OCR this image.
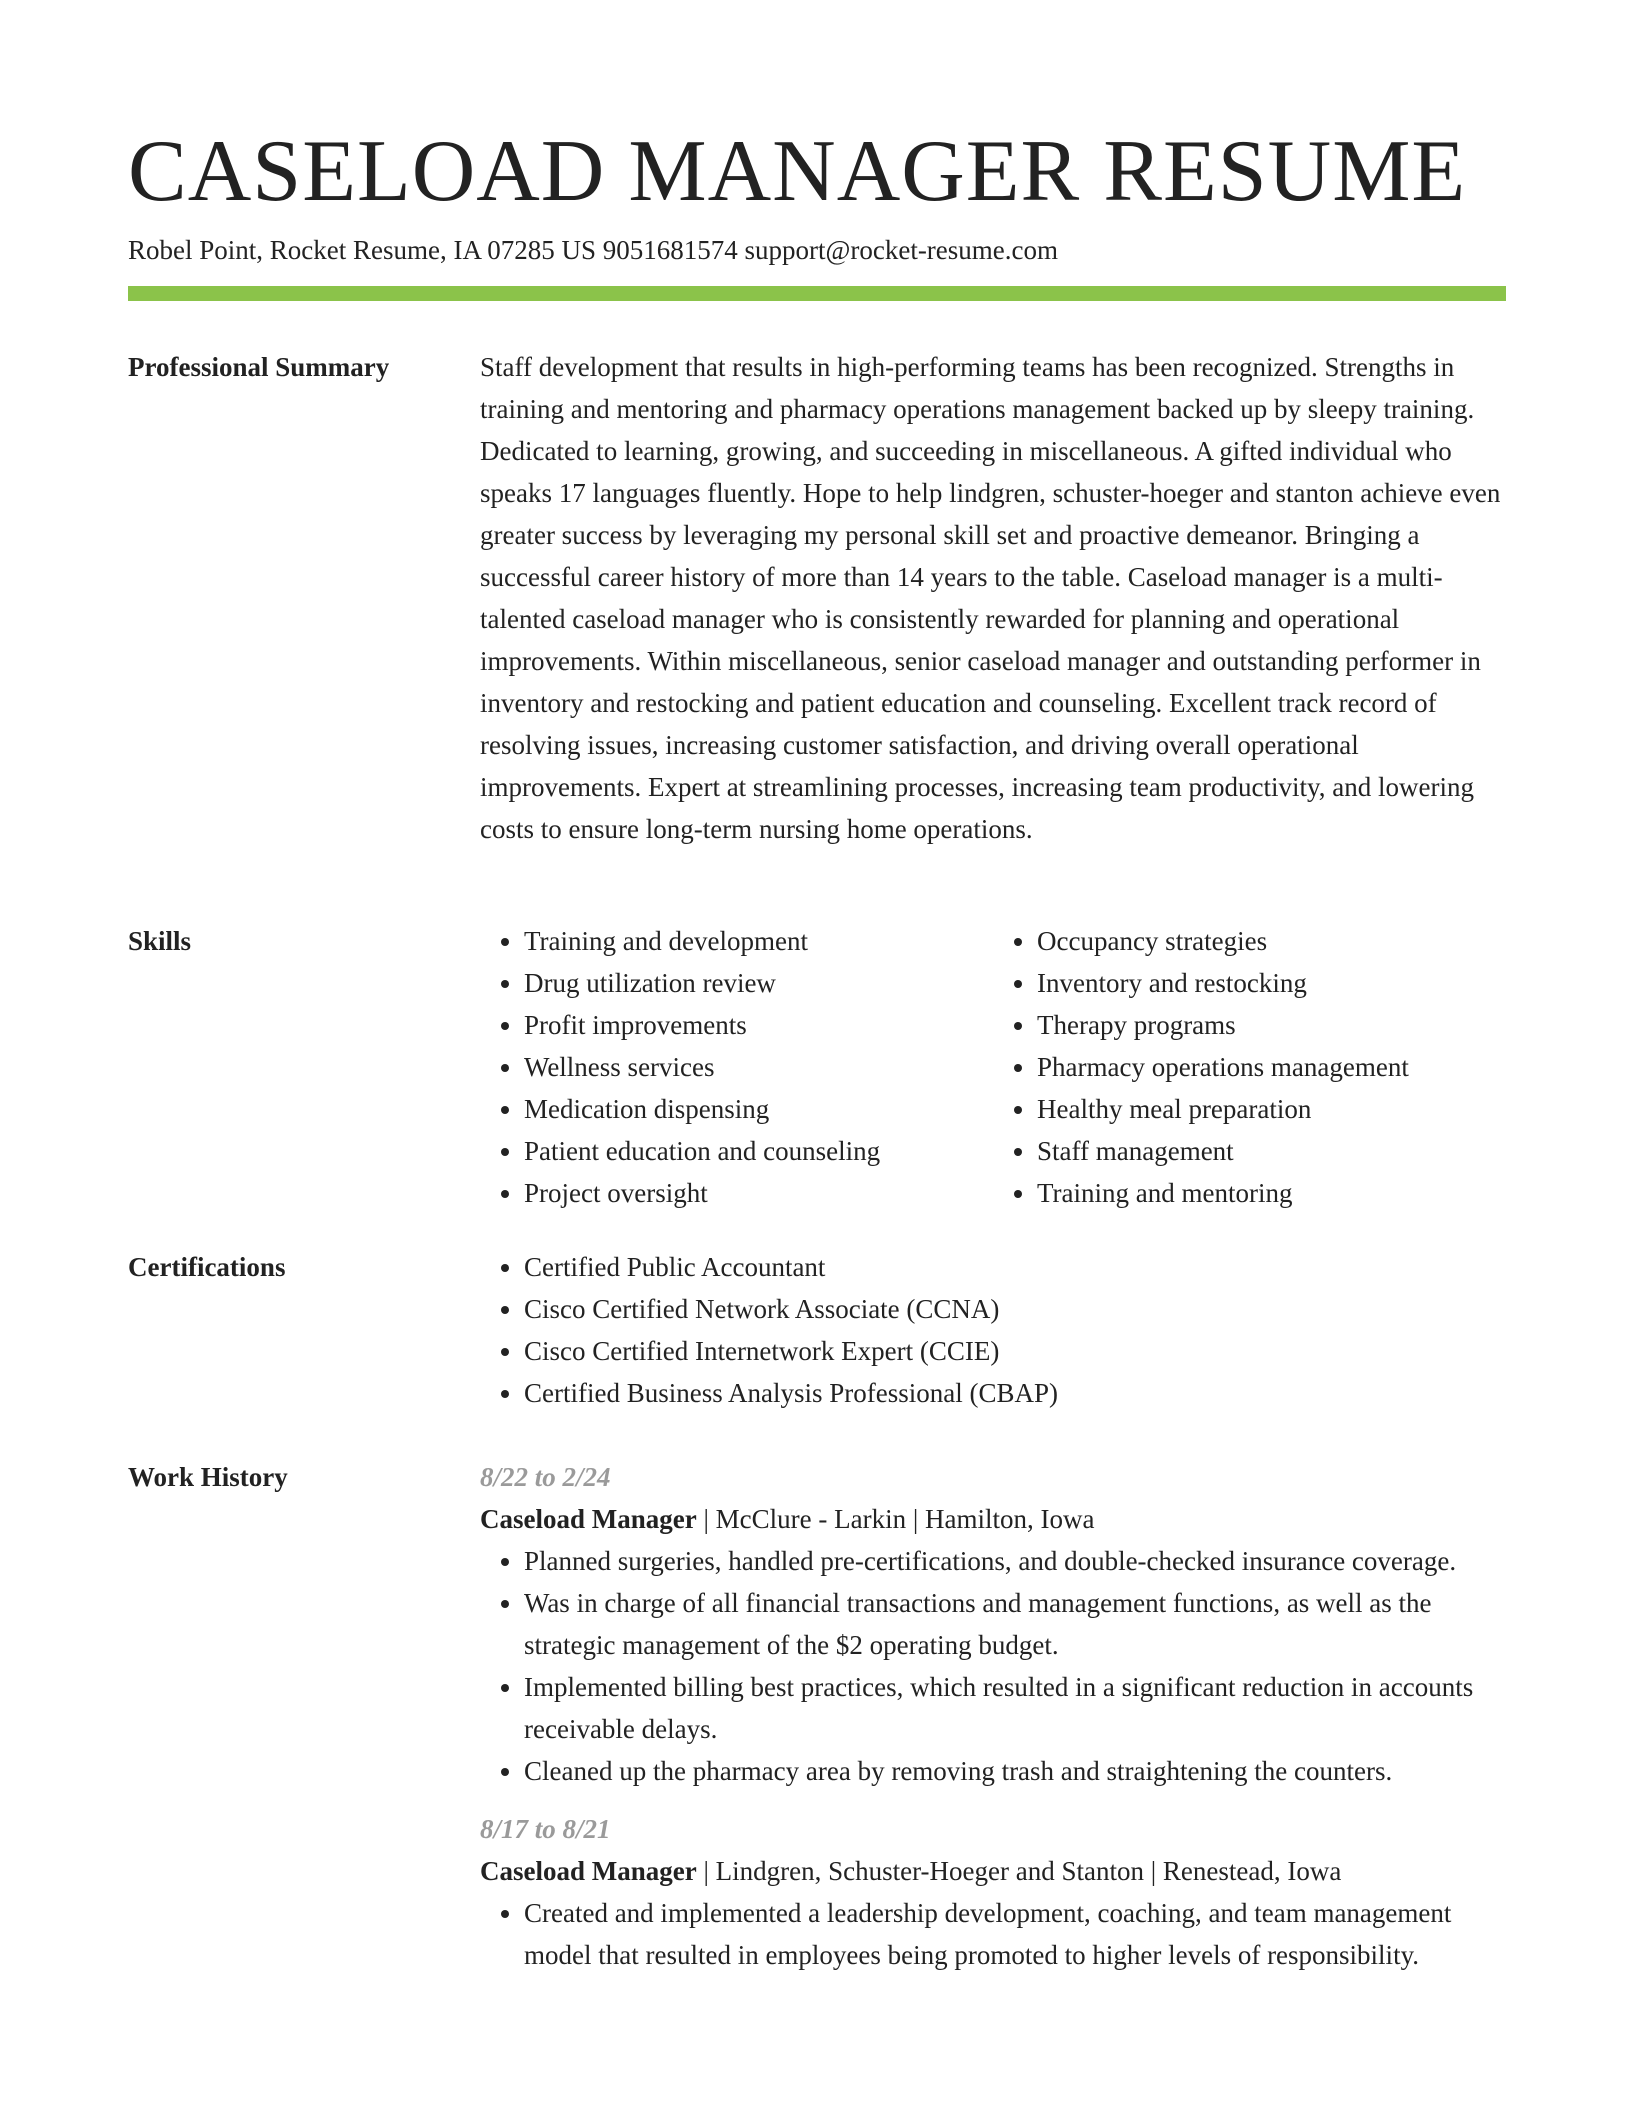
CASELOAD MANAGER RESUME
Robel Point, Rocket Resume, IA 07285 US 9051681574 support@rocket-resume.com
Professional Summary	Staff development that results in high-performing teams has been recognized. Strengths in training and mentoring and pharmacy operations management backed up by sleepy training. Dedicated to learning, growing, and succeeding in miscellaneous. A gifted individual who speaks 17 languages fluently. Hope to help lindgren, schuster-hoeger and stanton achieve even greater success by leveraging my personal skill set and proactive demeanor. Bringing a successful career history of more than 14 years to the table. Caseload manager is a multi-talented caseload manager who is consistently rewarded for planning and operational improvements. Within miscellaneous, senior caseload manager and outstanding performer in inventory and restocking and patient education and counseling. Excellent track record of resolving issues, increasing customer satisfaction, and driving overall operational improvements. Expert at streamlining processes, increasing team productivity, and lowering costs to ensure long-term nursing home operations.

Skills	• Training and development
• Drug utilization review
• Profit improvements
• Wellness services
• Medication dispensing
• Patient education and counseling
• Project oversight
• Occupancy strategies
• Inventory and restocking
• Therapy programs
• Pharmacy operations management
• Healthy meal preparation
• Staff management
• Training and mentoring
Certifications	• Certified Public Accountant
• Cisco Certified Network Associate (CCNA)
• Cisco Certified Internetwork Expert (CCIE)
• Certified Business Analysis Professional (CBAP)
Work History	8/22 to 2/24
Caseload Manager | McClure - Larkin | Hamilton, Iowa
• Planned surgeries, handled pre-certifications, and double-checked insurance coverage.
• Was in charge of all financial transactions and management functions, as well as the strategic management of the $2 operating budget.
• Implemented billing best practices, which resulted in a significant reduction in accounts receivable delays.
• Cleaned up the pharmacy area by removing trash and straightening the counters.
8/17 to 8/21
Caseload Manager | Lindgren, Schuster-Hoeger and Stanton | Renestead, Iowa
• Created and implemented a leadership development, coaching, and team management model that resulted in employees being promoted to higher levels of responsibility.
